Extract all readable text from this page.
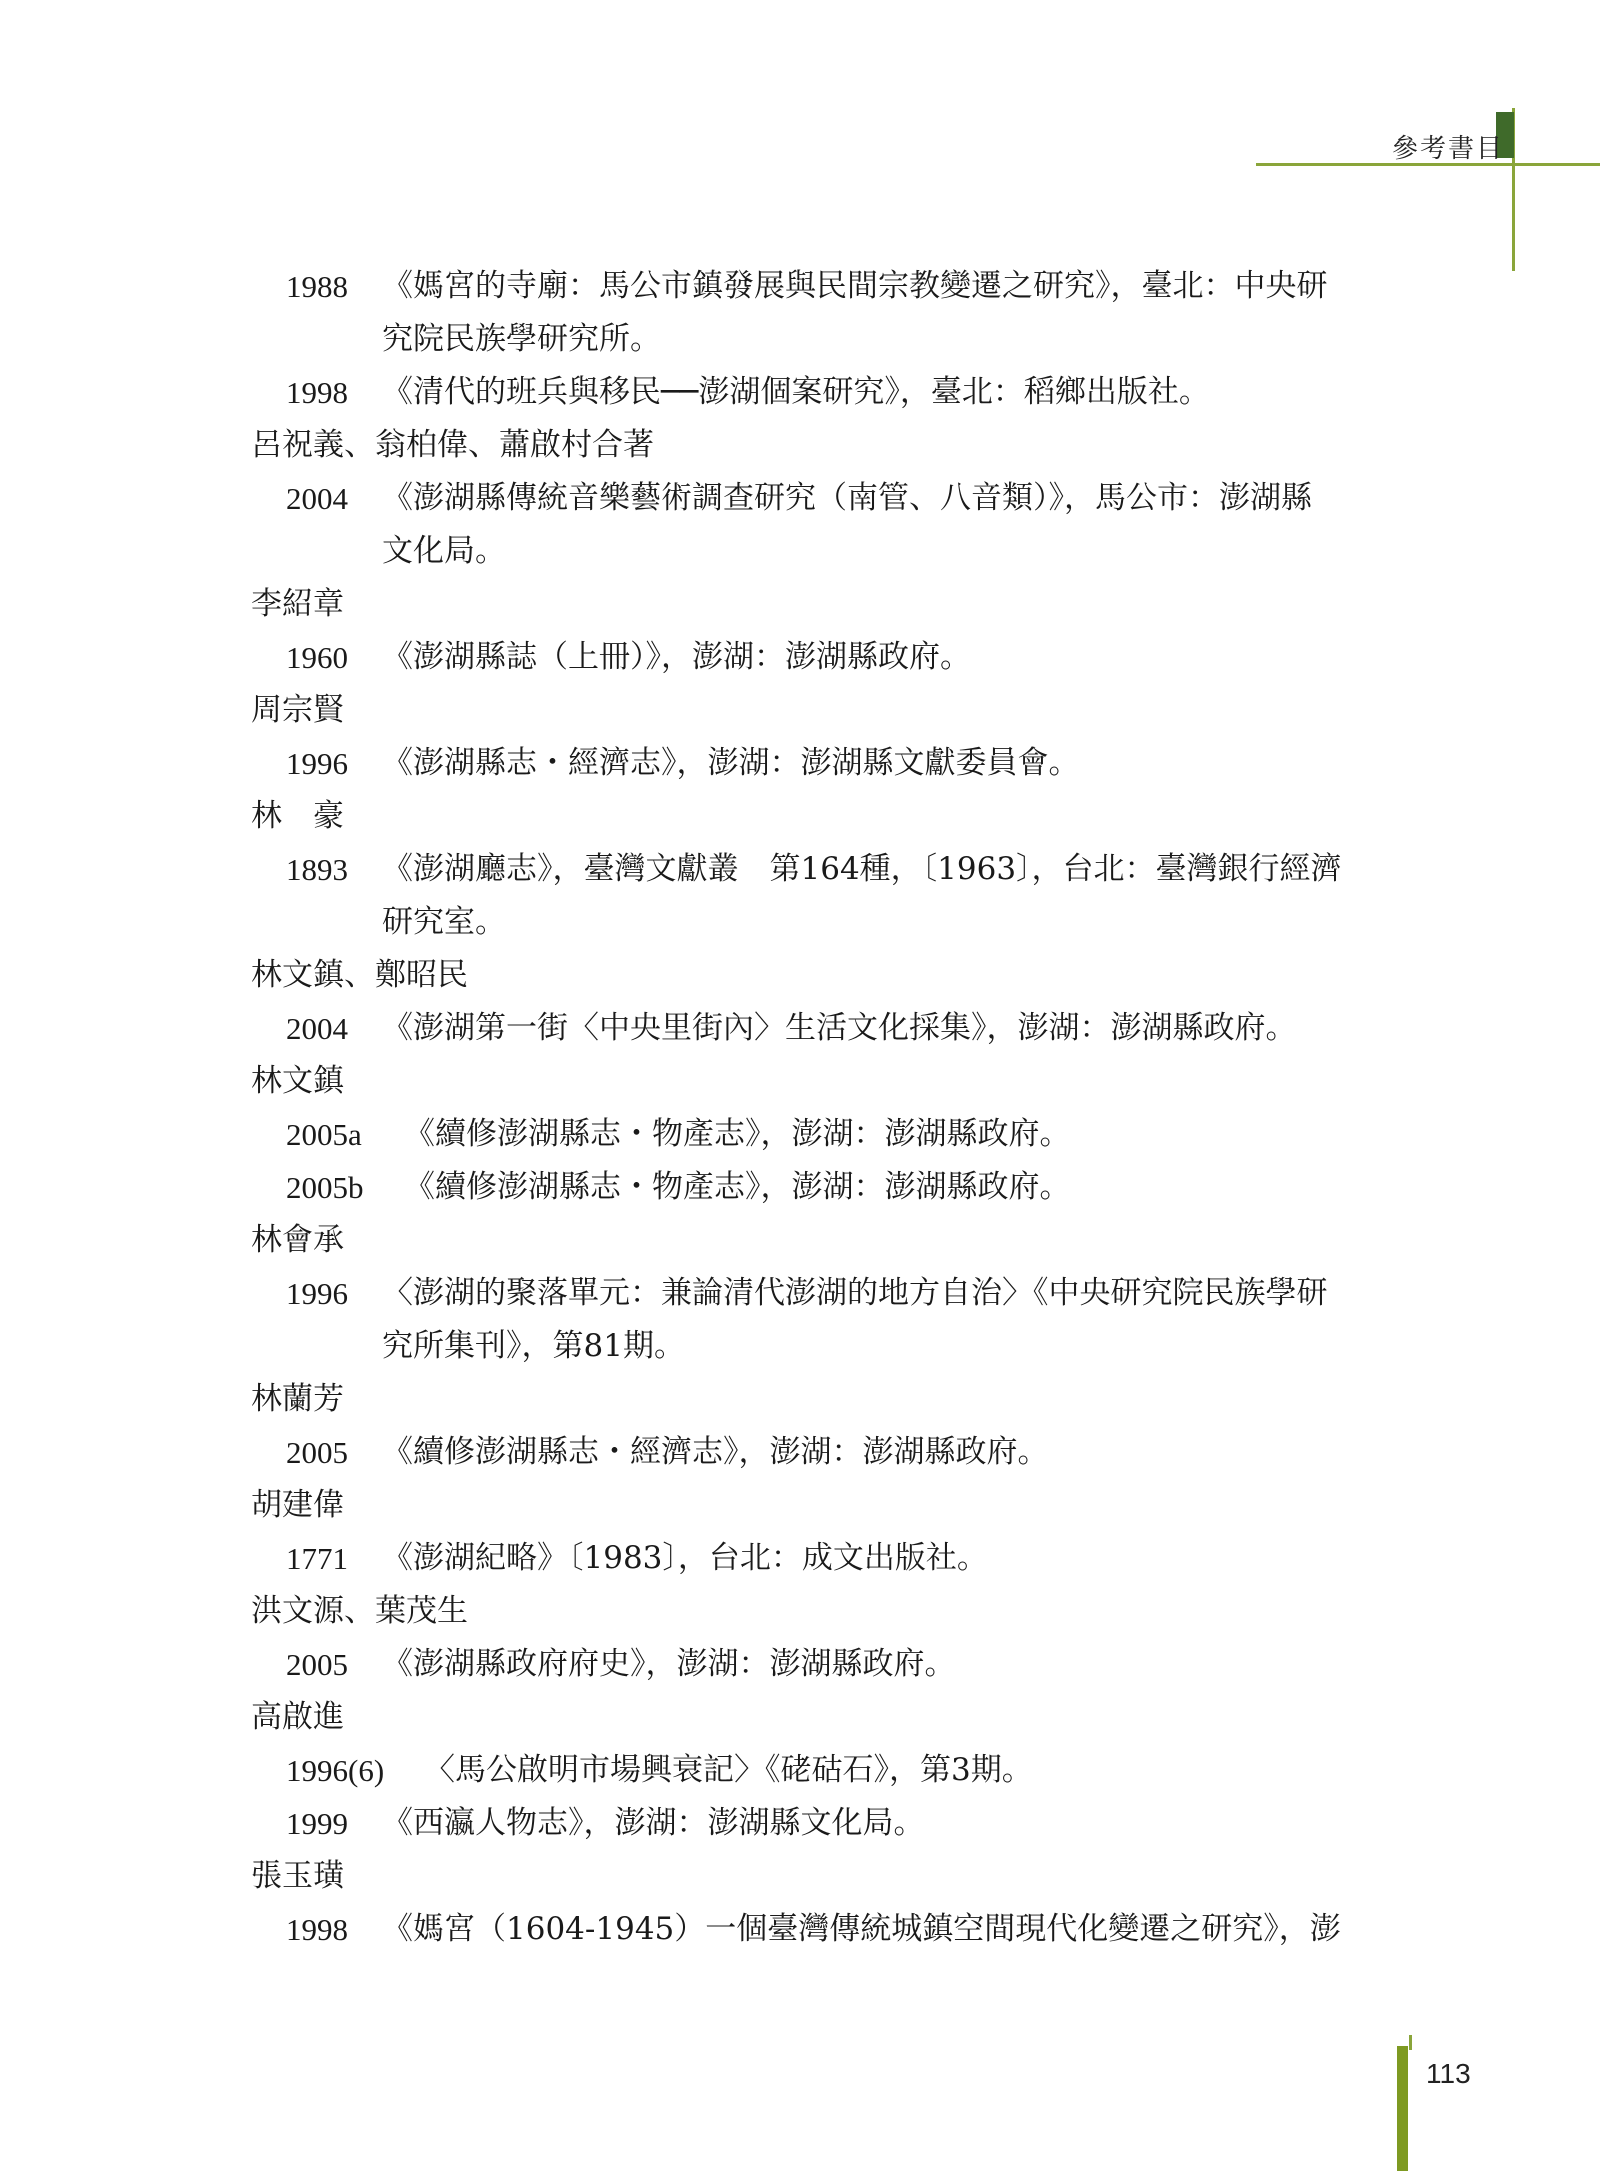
參考書目
1988	《媽宮的寺廟：馬公市鎮發展與民間宗教變遷之研究》，臺北：中央研
究院民族學研究所。
1998	《清代的班兵與移民──澎湖個案研究》，臺北：稻鄉出版社。
呂祝義、翁柏偉、蕭啟村合著
2004	《澎湖縣傳統音樂藝術調查研究（南管、八音類）》，馬公市：澎湖縣
文化局。
李紹章
1960	《澎湖縣誌（上冊）》，澎湖：澎湖縣政府。
周宗賢
1996	《澎湖縣志・經濟志》，澎湖：澎湖縣文獻委員會。
林　豪
1893	《澎湖廳志》，臺灣文獻叢　第164種，〔1963〕，台北：臺灣銀行經濟
研究室。
林文鎮、鄭昭民
2004	《澎湖第一街〈中央里街內〉生活文化採集》，澎湖：澎湖縣政府。
林文鎮
2005a	《續修澎湖縣志・物產志》，澎湖：澎湖縣政府。
2005b	《續修澎湖縣志・物產志》，澎湖：澎湖縣政府。
林會承
1996	〈澎湖的聚落單元：兼論清代澎湖的地方自治〉《中央研究院民族學研
究所集刊》，第81期。
林蘭芳
2005	《續修澎湖縣志・經濟志》，澎湖：澎湖縣政府。
胡建偉
1771	《澎湖紀略》〔1983〕，台北：成文出版社。
洪文源、葉茂生
2005	《澎湖縣政府府史》，澎湖：澎湖縣政府。
高啟進
1996(6)	〈馬公啟明市場興衰記〉《硓𥑮石》，第3期。
1999	《西瀛人物志》，澎湖：澎湖縣文化局。
張玉璜
1998	《媽宮（1604-1945）一個臺灣傳統城鎮空間現代化變遷之研究》，澎
113
